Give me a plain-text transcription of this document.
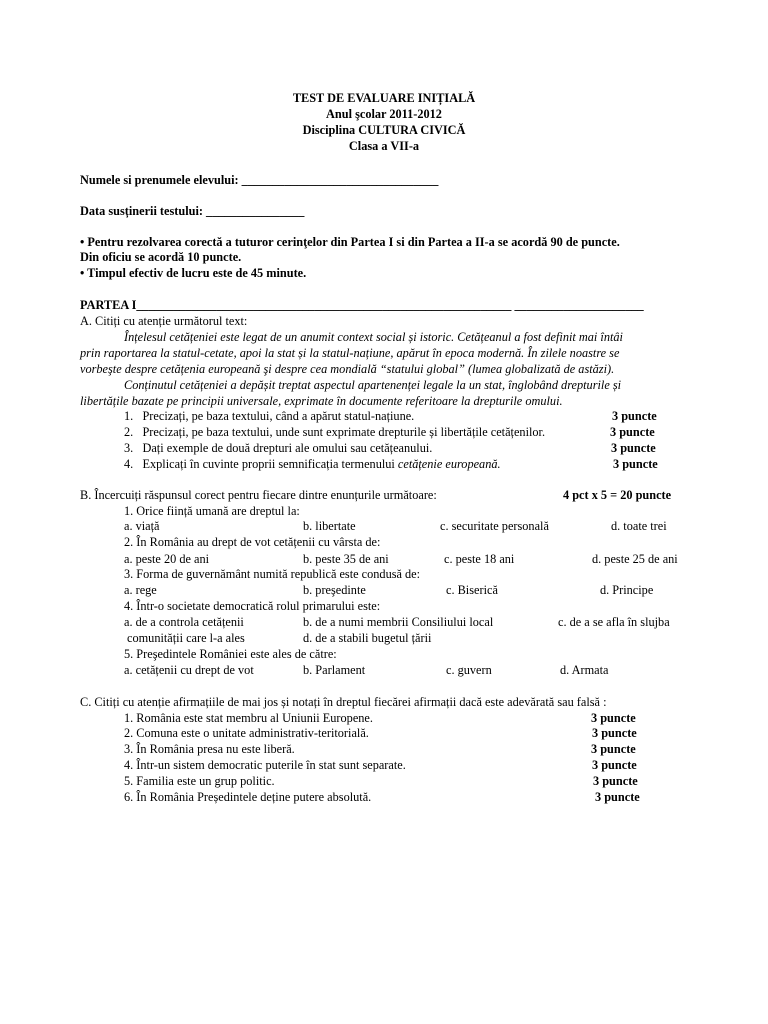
TEST DE EVALUARE INIȚIALĂ
Anul şcolar 2011-2012
Disciplina CULTURA CIVICĂ
Clasa a VII-a
Numele si prenumele elevului: ________________________________
Data susținerii testului: ________________
• Pentru rezolvarea corectă a tuturor cerinţelor din Partea I si din Partea a II-a se acordă 90 de puncte.
Din oficiu se acordă 10 puncte.
• Timpul efectiv de lucru este de 45 minute.
PARTEA I_____________________________________________________________ _____________________
A. Citiți cu atenție următorul text:
Înțelesul cetățeniei este legat de un anumit context social și istoric. Cetățeanul a fost definit mai întâi
prin raportarea la statul-cetate, apoi la stat și la statul-națiune, apărut în epoca modernă. În zilele noastre se
vorbeşte despre cetățenia europeană şi despre cea mondială “statului global” (lumea globalizată de astăzi).
Conținutul cetățeniei a depășit treptat aspectul apartenenței legale la un stat, înglobând drepturile și
libertățile bazate pe principii universale, exprimate în documente referitoare la drepturile omului.
1. Precizați, pe baza textului, când a apărut statul-națiune.	3 puncte
2. Precizați, pe baza textului, unde sunt exprimate drepturile și libertățile cetățenilor.	3 puncte
3. Dați exemple de două drepturi ale omului sau cetățeanului.	3 puncte
4. Explicați în cuvinte proprii semnificația termenului cetățenie europeană.	3 puncte
B. Încercuiți răspunsul corect pentru fiecare dintre enunțurile următoare:	4 pct x 5 = 20 puncte
1. Orice ființă umană are dreptul la:
a. viață	b. libertate	c. securitate personală	d. toate trei
2. În România au drept de vot cetățenii cu vârsta de:
a. peste 20 de ani	b. peste 35 de ani	c. peste 18 ani	d. peste 25 de ani
3. Forma de guvernământ numită republică este condusă de:
a. rege	b. preşedinte	c. Biserică	d. Principe
4. Într-o societate democratică rolul primarului este:
a. de a controla cetățenii	b. de a numi membrii Consiliului local	c. de a se afla în slujba
comunității care l-a ales	d. de a stabili bugetul țării
5. Preşedintele României este ales de către:
a. cetățenii cu drept de vot	b. Parlament	c. guvern	d. Armata
C. Citiți cu atenție afirmațiile de mai jos și notați în dreptul fiecărei afirmații dacă este adevărată sau falsă :
1. România este stat membru al Uniunii Europene.	3 puncte
2. Comuna este o unitate administrativ-teritorială.	3 puncte
3. În România presa nu este liberă.	3 puncte
4. Într-un sistem democratic puterile în stat sunt separate.	3 puncte
5. Familia este un grup politic.	3 puncte
6. În România Președintele deține putere absolută.	3 puncte
